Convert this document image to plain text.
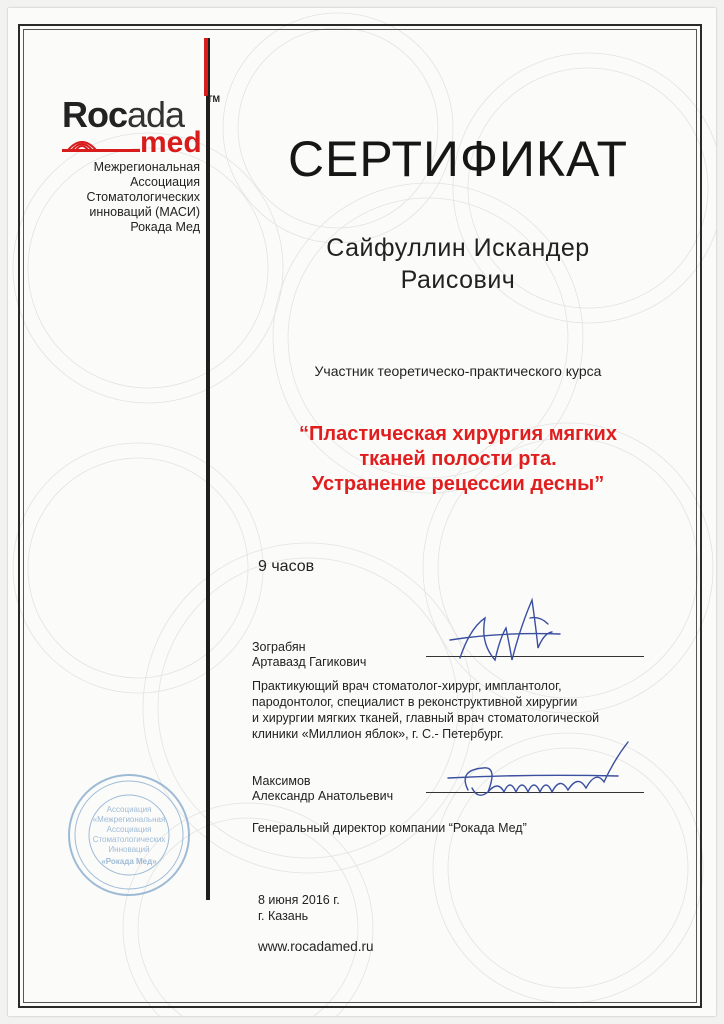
Rocada	TM
med
Межрегиональная
Ассоциация
Стоматологических
инноваций (МАСИ)
Рокада Мед
СЕРТИФИКАТ
Сайфуллин Искандер
Раисович
Участник теоретическо-практического курса
“Пластическая хирургия мягких
тканей полости рта.
Устранение рецессии десны”
9 часов
Зограбян
Артавазд Гагикович
Практикующий врач стоматолог-хирург, имплантолог,
пародонтолог, специалист в реконструктивной хирургии
и хирургии мягких тканей, главный врач стоматологической
клиники «Миллион яблок», г. С.- Петербург.
Максимов
Александр Анатольевич
Генеральный директор компании “Рокада Мед”
Ассоциация
«Межрегиональная
Ассоциация
Стоматологических
Инноваций
«Рокада Мед»
8 июня 2016 г.
г. Казань
www.rocadamed.ru
